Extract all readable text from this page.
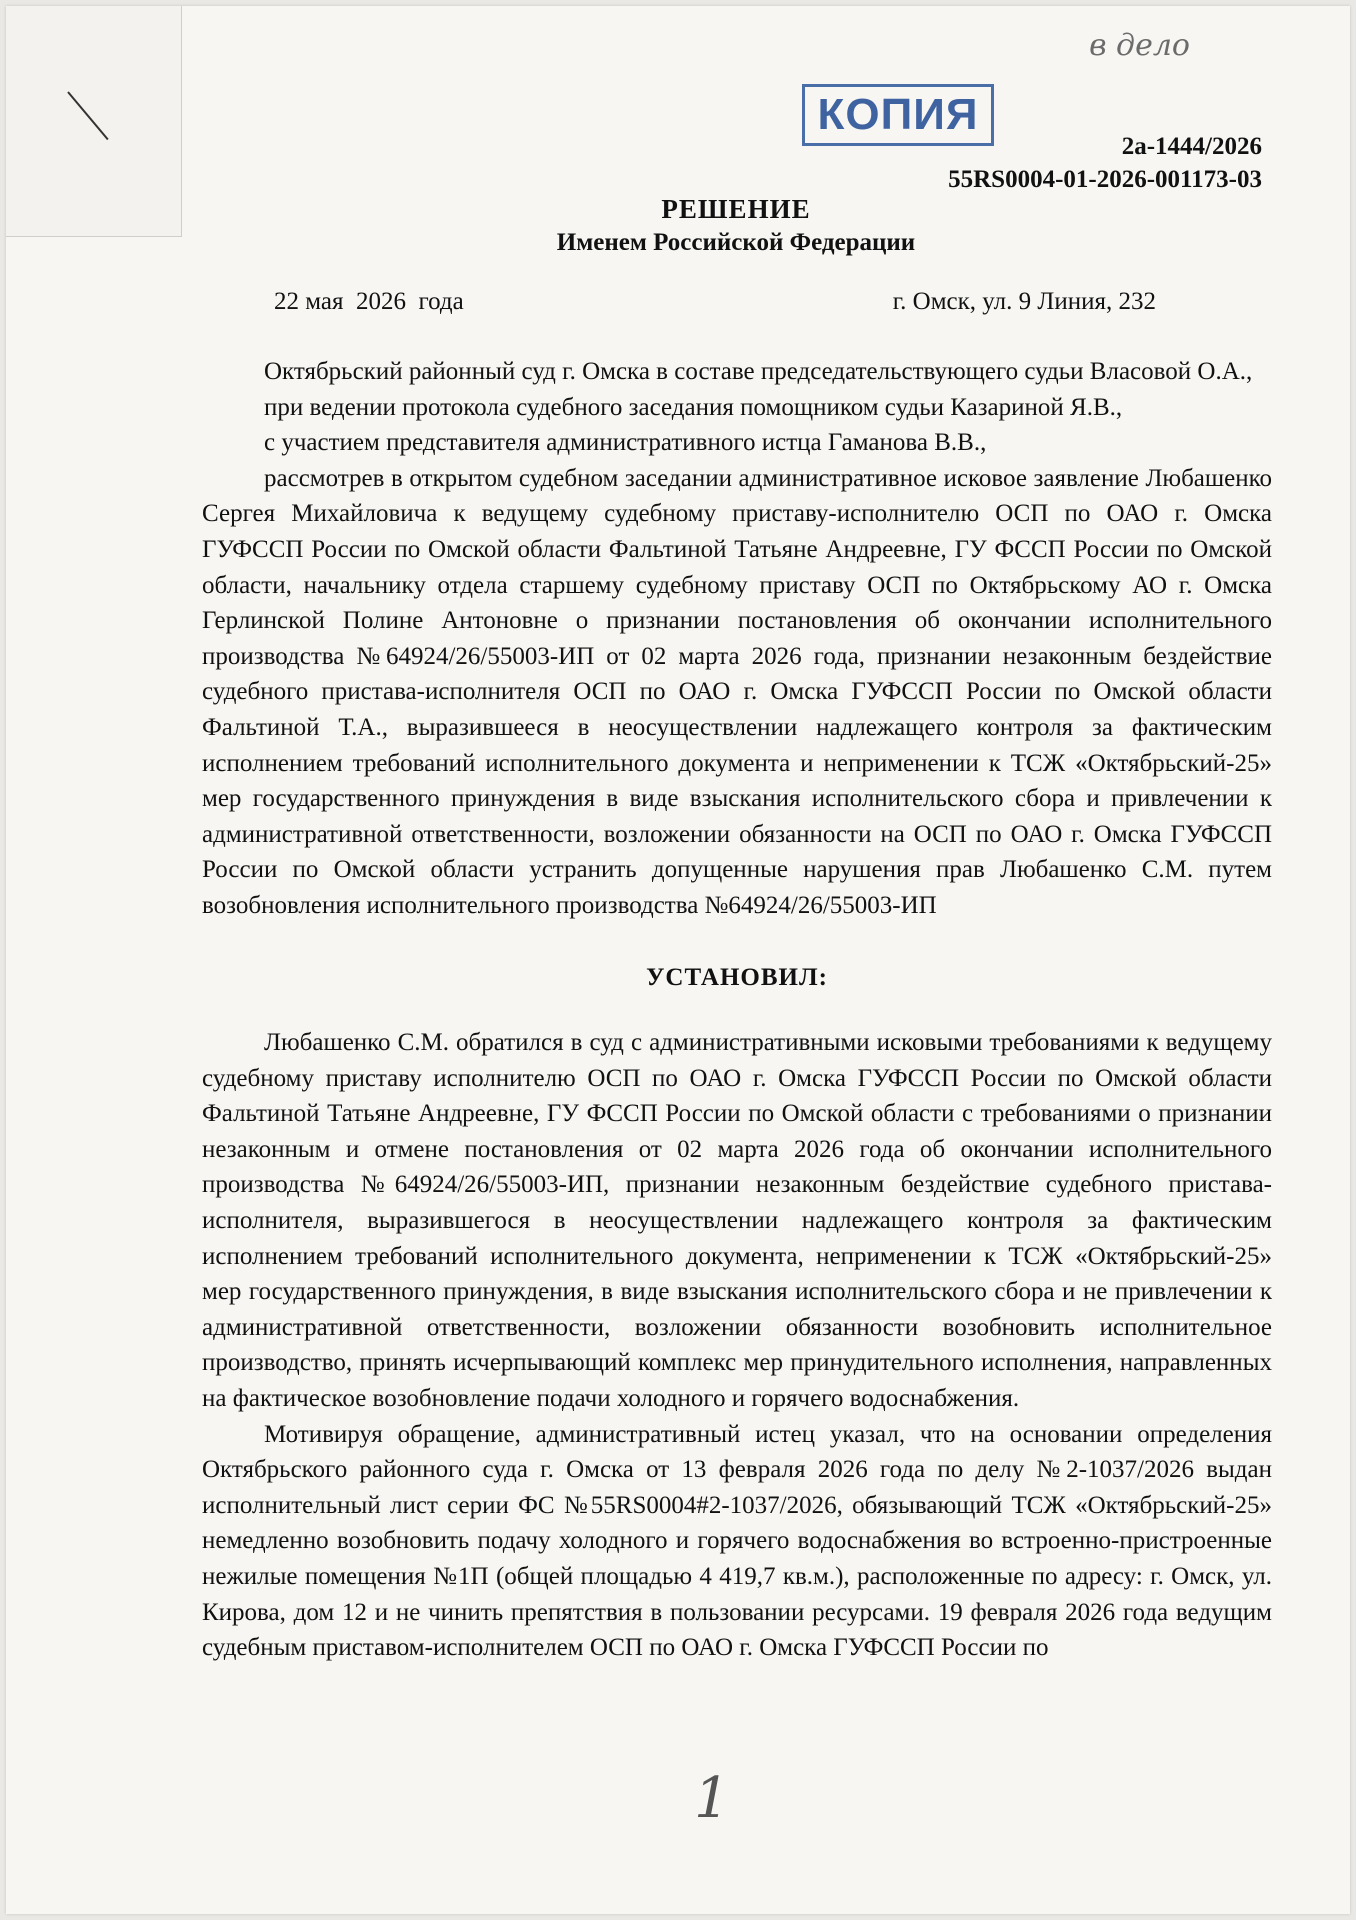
в дело
КОПИЯ
2а-1444/2026
55RS0004-01-2026-001173-03
РЕШЕНИЕ
Именем Российской Федерации
22 мая  2026  года	г. Омск, ул. 9 Линия, 232

Октябрьский районный суд г. Омска в составе председательствующего судьи Власовой О.А.,

при ведении протокола судебного заседания помощником судьи Казариной Я.В.,

с участием представителя административного истца Гаманова В.В.,

рассмотрев в открытом судебном заседании административное исковое заявление Любашенко Сергея Михайловича к ведущему судебному приставу-исполнителю ОСП по ОАО г. Омска ГУФССП России по Омской области Фальтиной Татьяне Андреевне, ГУ ФССП России по Омской области, начальнику отдела старшему судебному приставу ОСП по Октябрьскому АО г. Омска Герлинской Полине Антоновне о признании постановления об окончании исполнительного производства №64924/26/55003-ИП от 02 марта 2026 года, признании незаконным бездействие судебного пристава-исполнителя ОСП по ОАО г. Омска ГУФССП России по Омской области Фальтиной Т.А., выразившееся в неосуществлении надлежащего контроля за фактическим исполнением требований исполнительного документа и неприменении к ТСЖ «Октябрьский-25» мер государственного принуждения в виде взыскания исполнительского сбора и привлечении к административной ответственности, возложении обязанности на ОСП по ОАО г. Омска ГУФССП России по Омской области устранить допущенные нарушения прав Любашенко С.М. путем возобновления исполнительного производства №64924/26/55003-ИП

УСТАНОВИЛ:

Любашенко С.М. обратился в суд с административными исковыми требованиями к ведущему судебному приставу исполнителю ОСП по ОАО г. Омска ГУФССП России по Омской области Фальтиной Татьяне Андреевне, ГУ ФССП России по Омской области с требованиями о признании незаконным и отмене постановления от 02 марта 2026 года об окончании исполнительного производства №64924/26/55003-ИП, признании незаконным бездействие судебного пристава-исполнителя, выразившегося в неосуществлении надлежащего контроля за фактическим исполнением требований исполнительного документа, неприменении к ТСЖ «Октябрьский-25» мер государственного принуждения, в виде взыскания исполнительского сбора и не привлечении к административной ответственности, возложении обязанности возобновить исполнительное производство, принять исчерпывающий комплекс мер принудительного исполнения, направленных на фактическое возобновление подачи холодного и горячего водоснабжения.

Мотивируя обращение, административный истец указал, что на основании определения Октябрьского районного суда г. Омска от 13 февраля 2026 года по делу №2-1037/2026 выдан исполнительный лист серии ФС №55RS0004#2-1037/2026, обязывающий ТСЖ «Октябрьский-25» немедленно возобновить подачу холодного и горячего водоснабжения во встроенно-пристроенные нежилые помещения №1П (общей площадью 4 419,7 кв.м.), расположенные по адресу: г. Омск, ул. Кирова, дом 12 и не чинить препятствия в пользовании ресурсами. 19 февраля 2026 года ведущим судебным приставом-исполнителем ОСП по ОАО г. Омска ГУФССП России по

1
